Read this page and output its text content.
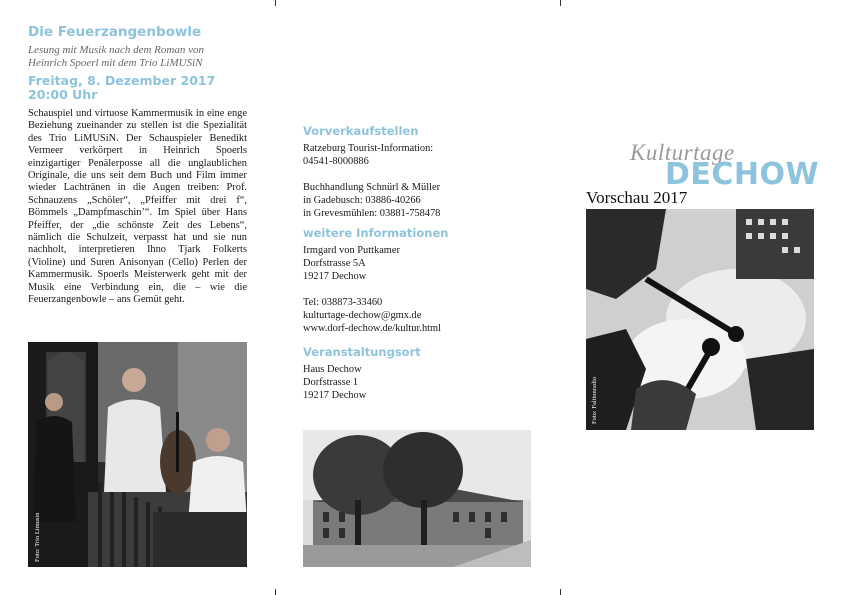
Die Feuerzangenbowle
Lesung mit Musik nach dem Roman von
Heinrich Spoerl mit dem Trio LiMUSiN
Freitag, 8. Dezember 2017
20:00 Uhr
Schauspiel und virtuose Kammermusik in eine enge Beziehung zueinander zu stellen ist die Spezialität des Trio LiMUSiN. Der Schauspieler Benedikt Vermeer verkörpert in Heinrich Spoerls einzigartiger Penälerposse all die unglaublichen Originale, die uns seit dem Buch und Film immer wieder Lachtränen in die Augen treiben: Prof. Schnauzens „Schöler“, „Pfeiffer mit drei f“, Bömmels „Dampfmaschin’“. Im Spiel über Hans Pfeiffer, der „die schönste Zeit des Lebens“, nämlich die Schulzeit, verpasst hat und sie nun nachholt, interpretieren Ihno Tjark Folkerts (Violine) und Suren Anisonyan (Cello) Perlen der Kammermusik. Spoerls Meisterwerk geht mit der Musik eine Verbindung ein, die – wie die Feuerzangenbowle – ans Gemüt geht.
Foto: Trio Limusin
Vorverkaufstellen

Ratzeburg Tourist-Information:
04541-8000886

Buchhandlung Schnürl & Müller
in Gadebusch: 03886-40266
in Grevesmühlen: 03881-758478

weitere Informationen

Irmgard von Puttkamer
Dorfstrasse 5A
19217 Dechow

Tel: 038873-33460
kulturtage-dechow@gmx.de
www.dorf-dechow.de/kultur.html

Veranstaltungsort

Haus Dechow
Dorfstrasse 1
19217 Dechow

Kulturtage
DECHOW
Vorschau 2017
Foto: Falttonradio
